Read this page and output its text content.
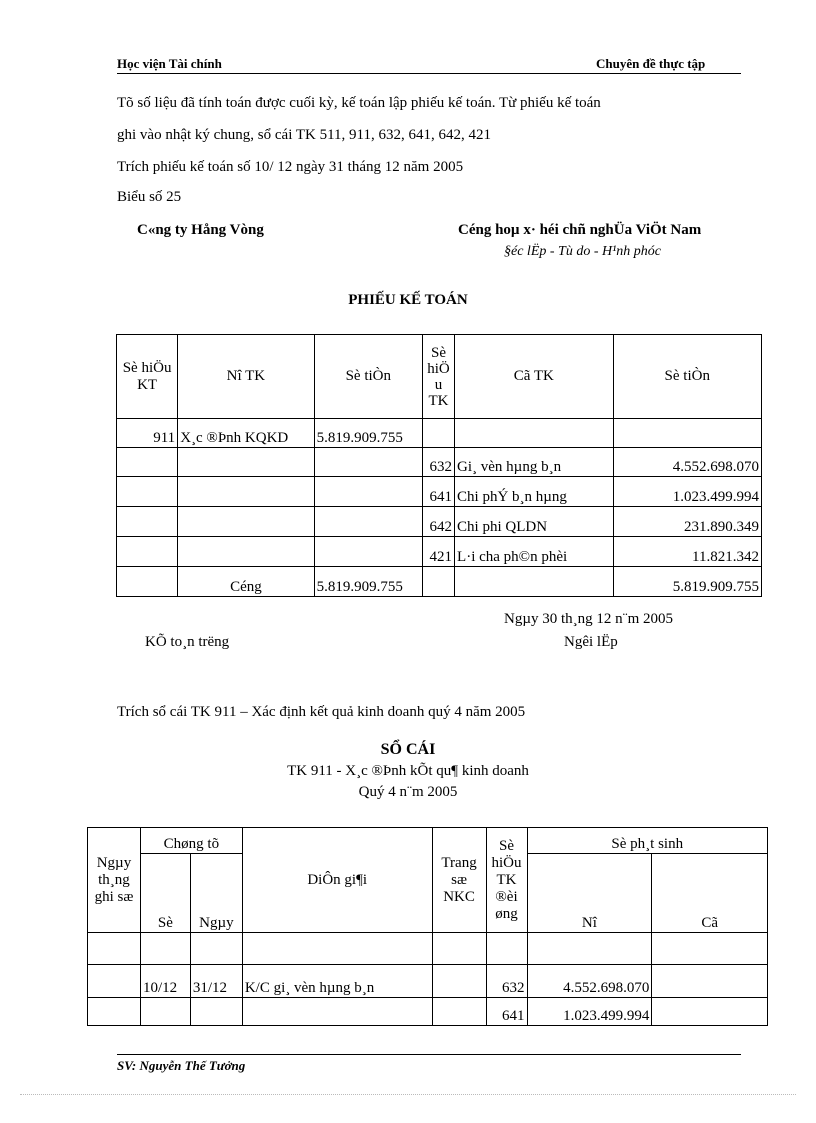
Học viện Tài chính	Chuyên đề thực tập
Tõ số liệu đã tính toán được cuối kỳ, kế toán lập phiếu kế toán. Từ phiếu kế toán
ghi vào nhật ký chung, sổ cái TK 511, 911, 632, 641, 642, 421
Trích phiếu kế toán số 10/ 12 ngày 31 tháng 12 năm 2005
Biểu số 25
C«ng ty Hång Vòng	Céng hoµ x· héi chñ nghÜa ViÖt Nam
§éc lËp - Tù do - H¹nh phóc
PHIẾU KẾ TOÁN
Sè hiÖu KT	Nî TK	Sè tiÒn	Sè hiÖ u TK	Cã TK	Sè tiÒn
911	X¸c ®Þnh KQKD	5.819.909.755			
			632	Gi¸ vèn hµng b¸n	4.552.698.070
			641	Chi phÝ b¸n hµng	1.023.499.994
			642	Chi phi QLDN	231.890.349
			421	L·i cha ph©n phèi	11.821.342
	Céng	5.819.909.755			5.819.909.755
Ngµy 30 th¸ng 12 n¨m 2005
KÕ to¸n trëng	Ngêi lËp
Trích sổ cái TK 911 – Xác định kết quả kinh doanh quý 4 năm 2005
SỔ CÁI
TK 911 - X¸c ®Þnh kÕt qu¶ kinh doanh
Quý 4 n¨m 2005
Ngµy th¸ng ghi sæ	Chøng tõ		DiÔn gi¶i	Trang sæ NKC	Sè hiÖu TK ®èi øng	Sè ph¸t sinh	
	Sè	Ngµy				Nî	Cã

	10/12	31/12	K/C gi¸ vèn hµng b¸n		632	4.552.698.070	
					641	1.023.499.994	
SV: Nguyễn Thế Tưởng
